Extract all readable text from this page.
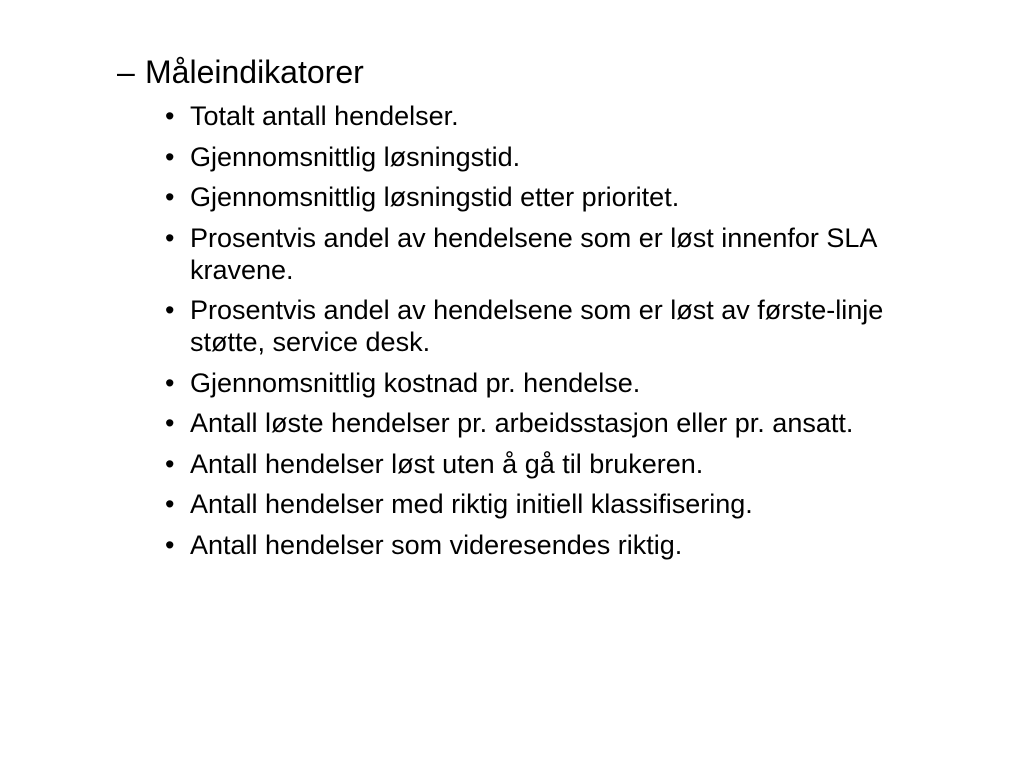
– Måleindikatorer
• Totalt antall hendelser.
• Gjennomsnittlig løsningstid.
• Gjennomsnittlig løsningstid etter prioritet.
• Prosentvis andel av hendelsene som er løst innenfor SLA kravene.
• Prosentvis andel av hendelsene som er løst av første-linje støtte, service desk.
• Gjennomsnittlig kostnad pr. hendelse.
• Antall løste hendelser pr. arbeidsstasjon eller pr. ansatt.
• Antall hendelser løst uten å gå til brukeren.
• Antall hendelser med riktig initiell klassifisering.
• Antall hendelser som videresendes riktig.
